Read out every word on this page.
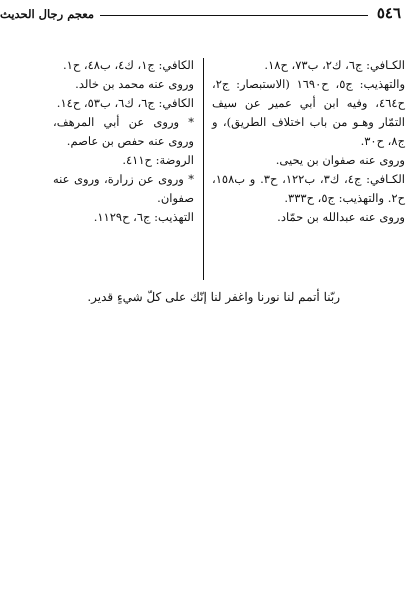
٥٤٦
معجم رجال الحديث

الكـافي: ج٦، ك٢، ب٧٣، ح١٨.

والتهذيب: ج٥، ح١٦٩٠ (الاستبصار: ج٢، ح٤٦٤، وفيه ابن أبي عمير عن سيف التمّار وهـو من باب اختلاف الطريق)، و ج٨، ح٣٠.

وروى عنه صفوان بن يحيى.

الكـافي: ج٤، ك٣، ب١٢٢، ح٣. و ب١٥٨، ح٢. والتهذيب: ج٥، ح٣٣٣.

وروى عنه عبدالله بن حمّاد.

الكافي: ج١، ك٤، ب٤٨، ح١.

وروى عنه محمد بن خالد.

الكافي: ج٦، ك٦، ب٥٣، ح١٤.

* وروى عن أبي المرهف، وروى عنه حفص بن عاصم.

الروضة: ح٤١١.

* وروى عن زرارة، وروى عنه صفوان.

التهذيب: ج٦، ح١١٢٩.

ربّنا أتمم لنا نورنا واغفر لنا إنّك على كلّ شيءٍ قدير.
